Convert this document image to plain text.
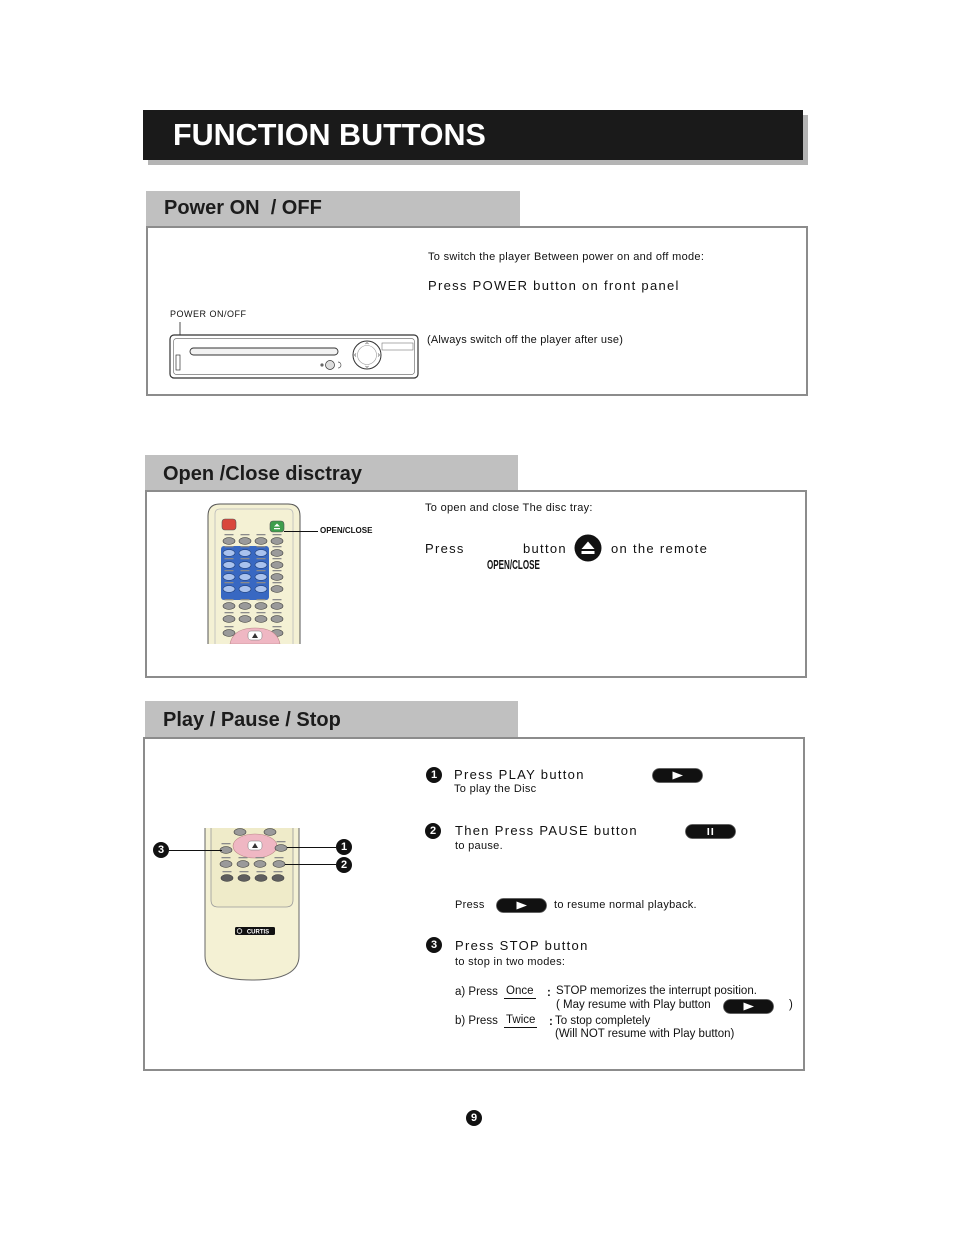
FUNCTION BUTTONS
Power ON  / OFF
To switch the player Between power on and off mode:
Press POWER button on front panel
POWER ON/OFF
(Always switch off the player after use)
Open /Close disctray
To open and close The disc tray:
Press

OPEN/CLOSE

button	on the remote
OPEN/CLOSE
Play / Pause / Stop
1	Press PLAY button
To play the Disc
2	Then Press PAUSE button
to pause.
Press	to resume normal playback.
3	Press STOP button
to stop in two modes:
a) Press Once : STOP memorizes the interrupt position.
( May resume with Play button	)
b) Press Twice : To stop completely
(Will NOT resume with Play button)
CURTIS
3	1
2
9
